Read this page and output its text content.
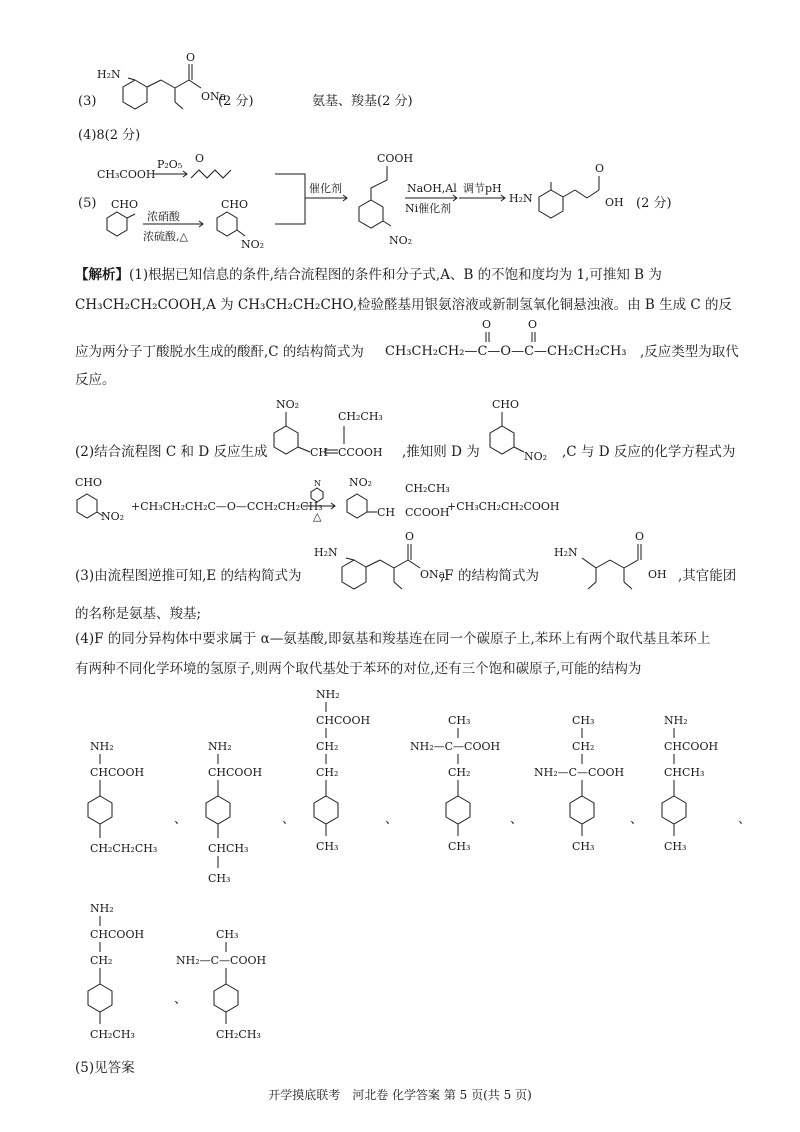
(3)
H₂N
O
ONa
(2 分)	氨基、羧基(2 分)
(4)8(2 分)
(5)
CH₃COOH
P₂O₅ O
CHO
浓硝酸
浓硫酸,△
CHO
NO₂
催化剂
COOH
NO₂
NaOH,Al
Ni催化剂
调节pH
H₂N
O
OH (2 分)
【解析】(1)根据已知信息的条件,结合流程图的条件和分子式,A、B 的不饱和度均为 1,可推知 B 为
CH₃CH₂CH₂COOH,A 为 CH₃CH₂CH₂CHO,检验醛基用银氨溶液或新制氢氧化铜悬浊液。由 B 生成 C 的反
应为两分子丁酸脱水生成的酸酐,C 的结构简式为
O	O
CH₃CH₂CH₂—C—O—C—CH₂CH₂CH₃ ,反应类型为取代
反应。
(2)结合流程图 C 和 D 反应生成
NO₂
CH CCOOH
CH₂CH₃
,推知则 D 为
CHO
NO₂ ,C 与 D 反应的化学方程式为
CHO
NO₂
+CH₃CH₂CH₂C—O—CCH₂CH₂CH₃
N
△
NO₂
CH CCOOH
CH₂CH₃
+CH₃CH₂CH₂COOH
(3)由流程图逆推可知,E 的结构简式为
H₂N
O
ONa
,F 的结构简式为
H₂N
O
OH ,其官能团
的名称是氨基、羧基;
(4)F 的同分异构体中要求属于 α—氨基酸,即氨基和羧基连在同一个碳原子上,苯环上有两个取代基且苯环上
有两种不同化学环境的氢原子,则两个取代基处于苯环的对位,还有三个饱和碳原子,可能的结构为
NH₂
CHCOOH
CH₂CH₂CH₃
、
NH₂
CHCOOH
CHCH₃
CH₃
、
NH₂
CHCOOH
CH₂
CH₂
CH₃
、
CH₃
NH₂—C—COOH
CH₂
CH₃
、
CH₃
CH₂
NH₂—C—COOH
CH₃
、
NH₂
CHCOOH
CHCH₃
CH₃
、
NH₂
CHCOOH
CH₂
CH₂CH₃
、
CH₃
NH₂—C—COOH
CH₂CH₃
(5)见答案
开学摸底联考　河北卷 化学答案 第 5 页(共 5 页)
